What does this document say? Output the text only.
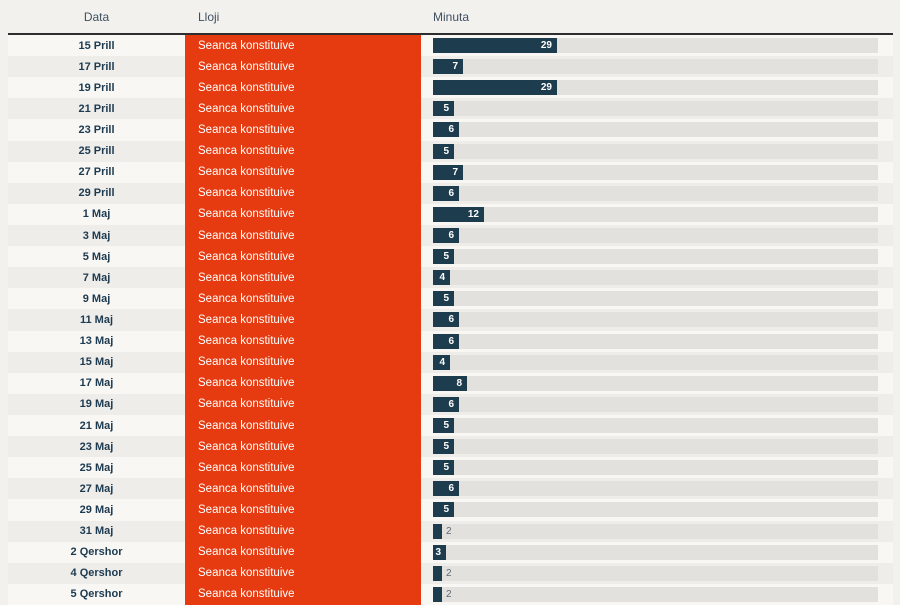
Data	Lloji	Minuta
15 Prill	Seanca konstituive	29
17 Prill	Seanca konstituive	7
19 Prill	Seanca konstituive	29
21 Prill	Seanca konstituive	5
23 Prill	Seanca konstituive	6
25 Prill	Seanca konstituive	5
27 Prill	Seanca konstituive	7
29 Prill	Seanca konstituive	6
1 Maj	Seanca konstituive	12
3 Maj	Seanca konstituive	6
5 Maj	Seanca konstituive	5
7 Maj	Seanca konstituive	4
9 Maj	Seanca konstituive	5
11 Maj	Seanca konstituive	6
13 Maj	Seanca konstituive	6
15 Maj	Seanca konstituive	4
17 Maj	Seanca konstituive	8
19 Maj	Seanca konstituive	6
21 Maj	Seanca konstituive	5
23 Maj	Seanca konstituive	5
25 Maj	Seanca konstituive	5
27 Maj	Seanca konstituive	6
29 Maj	Seanca konstituive	5
31 Maj	Seanca konstituive	2
2 Qershor	Seanca konstituive	3
4 Qershor	Seanca konstituive	2
5 Qershor	Seanca konstituive	2
